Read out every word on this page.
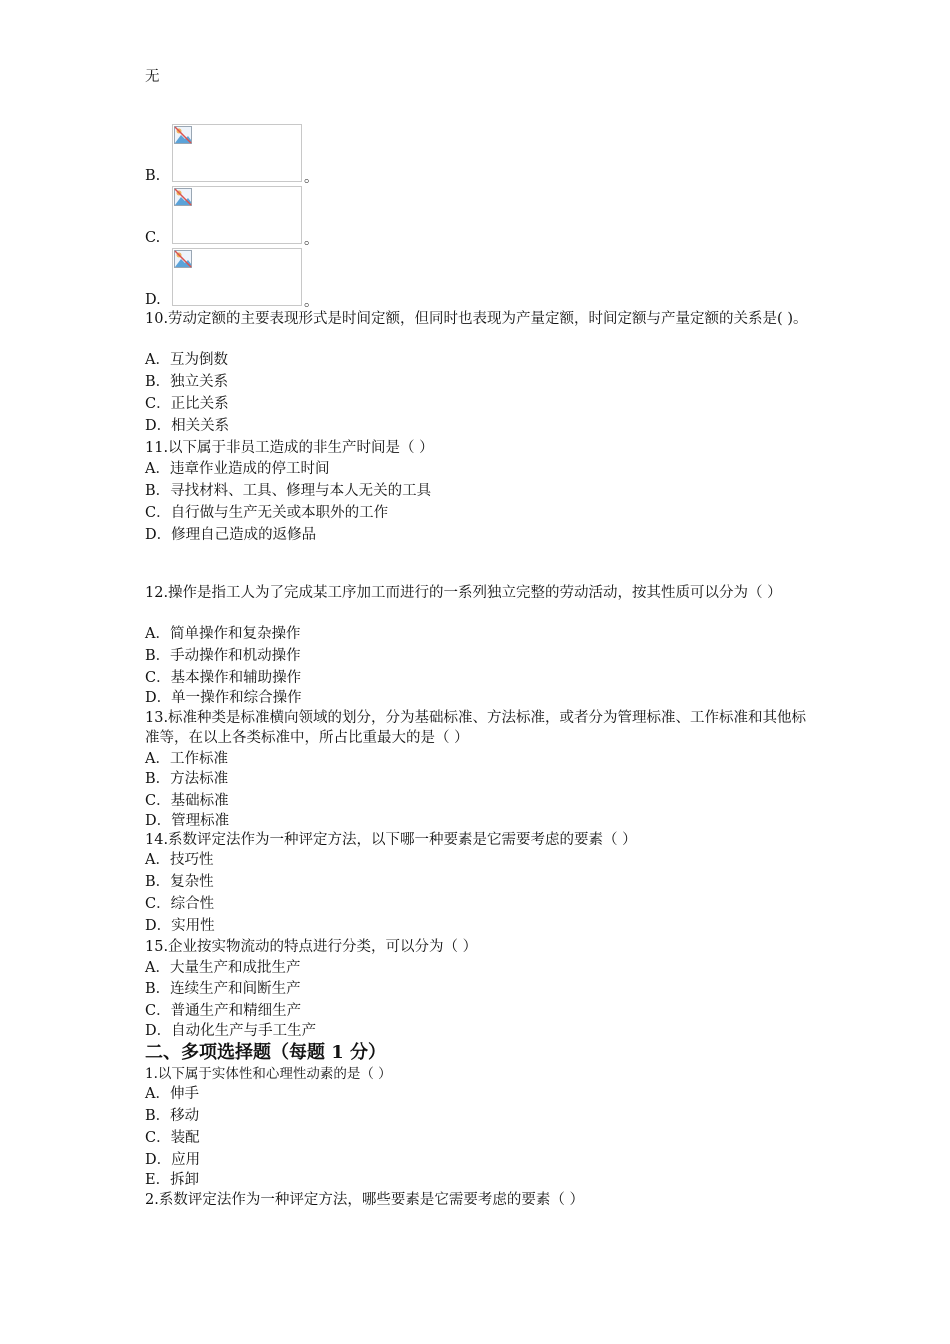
无
B.	。
C.	。
D.	。
10.劳动定额的主要表现形式是时间定额，但同时也表现为产量定额，时间定额与产量定额的关系是( )。
A．互为倒数
B．独立关系
C．正比关系
D．相关关系
11.以下属于非员工造成的非生产时间是（ ）
A．违章作业造成的停工时间
B．寻找材料、工具、修理与本人无关的工具
C．自行做与生产无关或本职外的工作
D．修理自己造成的返修品
12.操作是指工人为了完成某工序加工而进行的一系列独立完整的劳动活动，按其性质可以分为（ ）
A．简单操作和复杂操作
B．手动操作和机动操作
C．基本操作和辅助操作
D．单一操作和综合操作
13.标准种类是标准横向领域的划分，分为基础标准、方法标准，或者分为管理标准、工作标准和其他标准等，在以上各类标准中，所占比重最大的是（ ）
A．工作标准
B．方法标准
C．基础标准
D．管理标准
14.系数评定法作为一种评定方法，以下哪一种要素是它需要考虑的要素（ ）
A．技巧性
B．复杂性
C．综合性
D．实用性
15.企业按实物流动的特点进行分类，可以分为（ ）
A．大量生产和成批生产
B．连续生产和间断生产
C．普通生产和精细生产
D．自动化生产与手工生产
二、多项选择题（每题 1 分）
1.以下属于实体性和心理性动素的是（ ）
A．伸手
B．移动
C．装配
D．应用
E．拆卸
2.系数评定法作为一种评定方法，哪些要素是它需要考虑的要素（ ）
